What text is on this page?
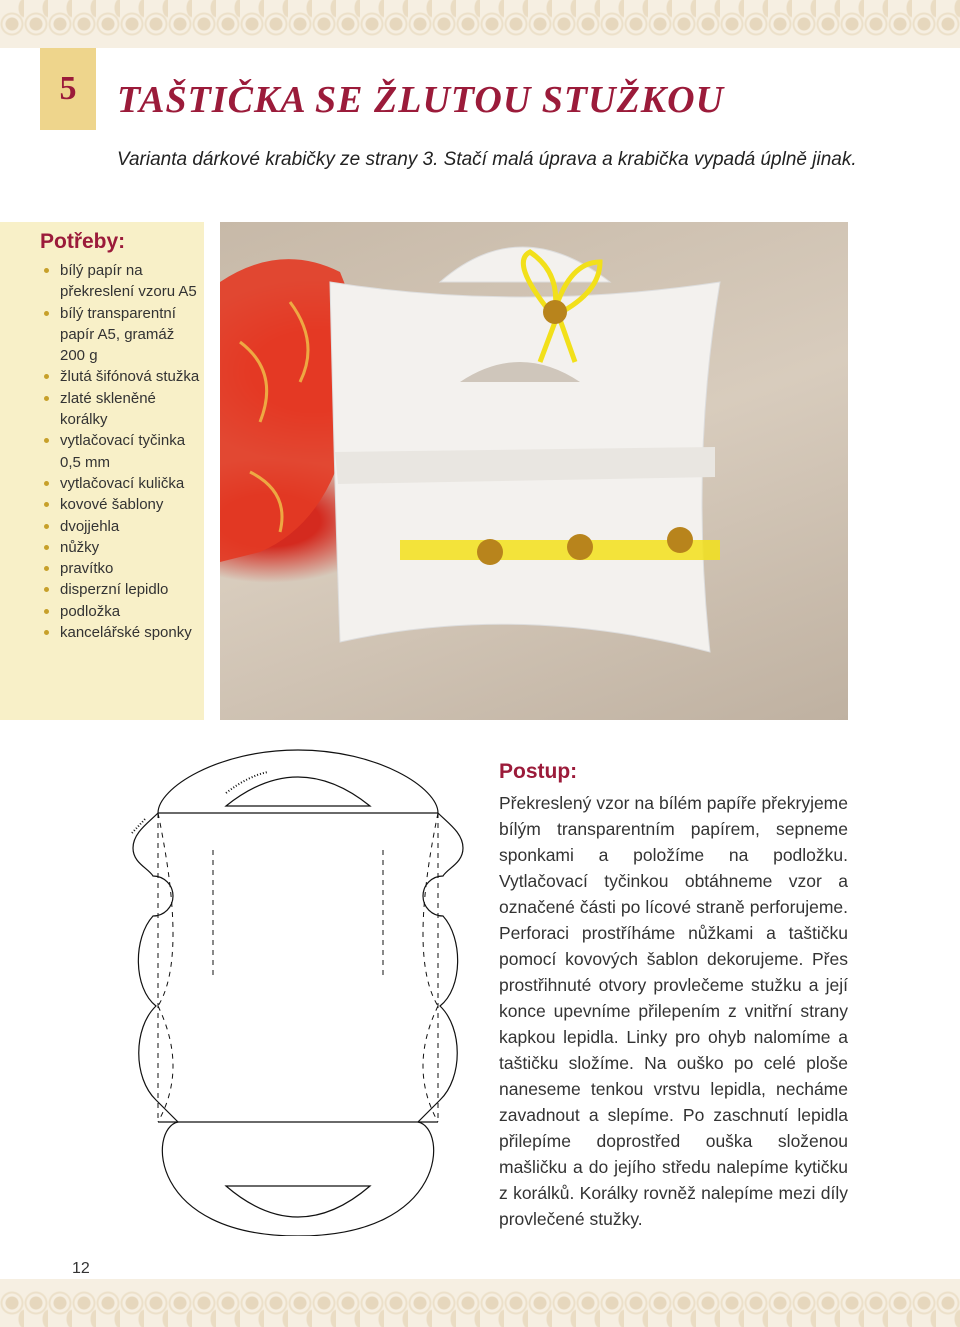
5 TAŠTIČKA SE ŽLUTOU STUŽKOU

Varianta dárkové krabičky ze strany 3. Stačí malá úprava a krabička vypadá úplně jinak.

Potřeby:
bílý papír na překreslení vzoru A5
bílý transparentní papír A5, gramáž 200 g
žlutá šifónová stužka
zlaté skleněné korálky
vytlačovací tyčinka 0,5 mm
vytlačovací kulička
kovové šablony
dvojjehla
nůžky
pravítko
disperzní lepidlo
podložka
kancelářské sponky
Postup:

Překreslený vzor na bílém papíře překryjeme bílým transparentním papírem, sepneme sponkami a položíme na podložku. Vytlačovací tyčinkou obtáhneme vzor a označené části po lícové straně perforujeme. Perforaci prostříháme nůžkami a taštičku pomocí kovových šablon dekorujeme. Přes prostřihnuté otvory provlečeme stužku a její konce upevníme přilepením z vnitřní strany kapkou lepidla. Linky pro ohyb nalomíme a taštičku složíme. Na ouško po celé ploše naneseme tenkou vrstvu lepidla, necháme zavadnout a slepíme. Po zaschnutí lepidla přilepíme doprostřed ouška složenou mašličku a do jejího středu nalepíme kytičku z korálků. Korálky rovněž nalepíme mezi díly provlečené stužky.

12
